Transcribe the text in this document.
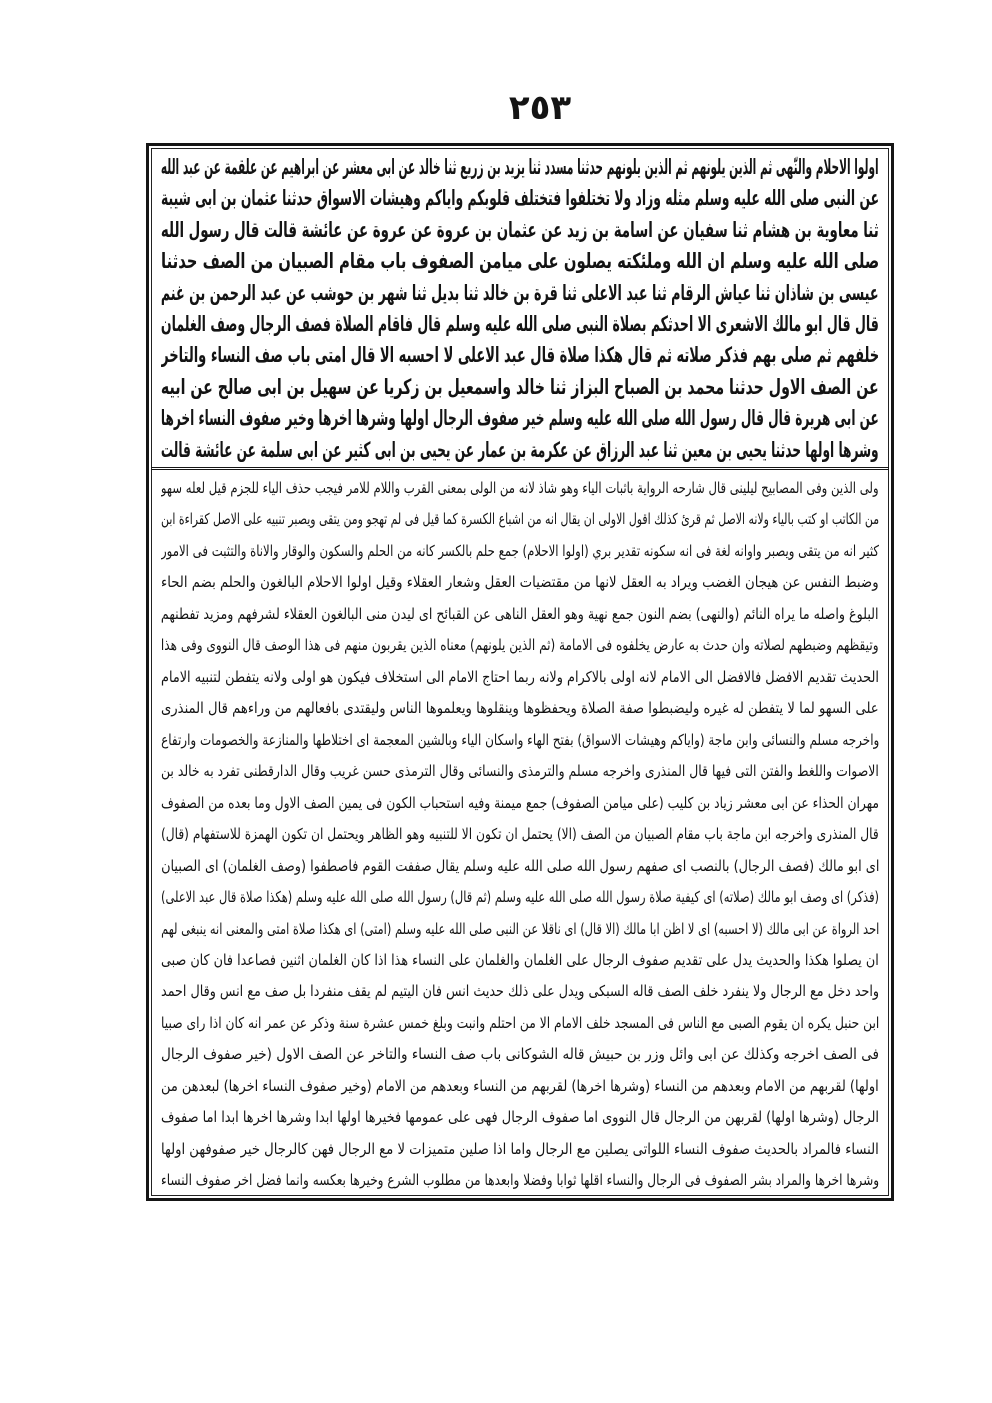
٢٥٣
اولوا الاحلام والنّهى ثم الذين يلونهم ثم الذين يلونهم حدثنا مسدد ثنا يزيد بن زريع ثنا خالد عن ابى معشر عن ابراهيم عن علقمة عن عبد الله
عن النبى صلى الله عليه وسلم مثله وزاد ولا تختلفوا فتختلف قلوبكم واياكم وهيشات الاسواق حدثنا عثمان بن ابى شيبة
ثنا معاوية بن هشام ثنا سفيان عن اسامة بن زيد عن عثمان بن عروة عن عروة عن عائشة قالت قال رسول الله
صلى الله عليه وسلم ان الله وملئكته يصلون على ميامن الصفوف باب مقام الصبيان من الصف حدثنا
عيسى بن شاذان ثنا عياش الرقام ثنا عبد الاعلى ثنا قرة بن خالد ثنا بديل ثنا شهر بن حوشب عن عبد الرحمن بن غنم
قال قال ابو مالك الاشعرى الا احدثكم بصلاة النبى صلى الله عليه وسلم قال فاقام الصلاة فصف الرجال وصف الغلمان
خلفهم ثم صلى بهم فذكر صلاته ثم قال هكذا صلاة قال عبد الاعلى لا احسبه الا قال امتى باب صف النساء والتاخر
عن الصف الاول حدثنا محمد بن الصباح البزاز ثنا خالد واسمعيل بن زكريا عن سهيل بن ابى صالح عن ابيه
عن ابى هريرة قال قال رسول الله صلى الله عليه وسلم خير صفوف الرجال اولها وشرها اخرها وخير صفوف النساء اخرها
وشرها اولها حدثنا يحيى بن معين ثنا عبد الرزاق عن عكرمة بن عمار عن يحيى بن ابى كثير عن ابى سلمة عن عائشة قالت
ولى الذين وفى المصابيح ليلينى قال شارحه الرواية باثبات الياء وهو شاذ لانه من الولى بمعنى القرب واللام للامر فيجب حذف الياء للجزم قيل لعله سهو
من الكاتب او كتب بالياء ولانه الاصل ثم قرئ كذلك اقول الاولى ان يقال انه من اشباع الكسرة كما قيل فى لم تهجو ومن يتقى ويصبر تنبيه على الاصل كقراءة ابن
كثير انه من يتقى ويصبر واوانه لغة فى انه سكونه تقدير بري (اولوا الاحلام) جمع حلم بالكسر كانه من الحلم والسكون والوقار والاناة والتثبت فى الامور
وضبط النفس عن هيجان الغضب ويراد به العقل لانها من مقتضيات العقل وشعار العقلاء وقيل اولوا الاحلام البالغون والحلم بضم الحاء
البلوغ واصله ما يراه النائم (والنهى) بضم النون جمع نهية وهو العقل الناهى عن القبائح اى ليدن منى البالغون العقلاء لشرفهم ومزيد تفطنهم
وتيقظهم وضبطهم لصلاته وان حدث به عارض يخلفوه فى الامامة (ثم الذين يلونهم) معناه الذين يقربون منهم فى هذا الوصف قال النووى وفى هذا
الحديث تقديم الافضل فالافضل الى الامام لانه اولى بالاكرام ولانه ربما احتاج الامام الى استخلاف فيكون هو اولى ولانه يتفطن لتنبيه الامام
على السهو لما لا يتفطن له غيره وليضبطوا صفة الصلاة ويحفظوها وينقلوها ويعلموها الناس وليقتدى بافعالهم من وراءهم قال المنذرى
واخرجه مسلم والنسائى وابن ماجة (واياكم وهيشات الاسواق) بفتح الهاء واسكان الياء وبالشين المعجمة اى اختلاطها والمنازعة والخصومات وارتفاع
الاصوات واللغط والفتن التى فيها قال المنذرى واخرجه مسلم والترمذى والنسائى وقال الترمذى حسن غريب وقال الدارقطنى تفرد به خالد بن
مهران الحذاء عن ابى معشر زياد بن كليب (على ميامن الصفوف) جمع ميمنة وفيه استحباب الكون فى يمين الصف الاول وما بعده من الصفوف
قال المنذرى واخرجه ابن ماجة باب مقام الصبيان من الصف (الا) يحتمل ان تكون الا للتنبيه وهو الظاهر ويحتمل ان تكون الهمزة للاستفهام (قال)
اى ابو مالك (فصف الرجال) بالنصب اى صفهم رسول الله صلى الله عليه وسلم يقال صففت القوم فاصطفوا (وصف الغلمان) اى الصبيان
(فذكر) اى وصف ابو مالك (صلاته) اى كيفية صلاة رسول الله صلى الله عليه وسلم (ثم قال) رسول الله صلى الله عليه وسلم (هكذا صلاة قال عبد الاعلى)
احد الرواة عن ابى مالك (لا احسبه) اى لا اظن ابا مالك (الا قال) اى ناقلا عن النبى صلى الله عليه وسلم (امتى) اى هكذا صلاة امتى والمعنى انه ينبغى لهم
ان يصلوا هكذا والحديث يدل على تقديم صفوف الرجال على الغلمان والغلمان على النساء هذا اذا كان الغلمان اثنين فصاعدا فان كان صبى
واحد دخل مع الرجال ولا ينفرد خلف الصف قاله السبكى ويدل على ذلك حديث انس فان اليتيم لم يقف منفردا بل صف مع انس وقال احمد
ابن حنبل يكره ان يقوم الصبى مع الناس فى المسجد خلف الامام الا من احتلم وانبت وبلغ خمس عشرة سنة وذكر عن عمر انه كان اذا راى صبيا
فى الصف اخرجه وكذلك عن ابى وائل وزر بن حبيش قاله الشوكانى باب صف النساء والتاخر عن الصف الاول (خير صفوف الرجال
اولها) لقربهم من الامام وبعدهم من النساء (وشرها اخرها) لقربهم من النساء وبعدهم من الامام (وخير صفوف النساء اخرها) لبعدهن من
الرجال (وشرها اولها) لقربهن من الرجال قال النووى اما صفوف الرجال فهى على عمومها فخيرها اولها ابدا وشرها اخرها ابدا اما صفوف
النساء فالمراد بالحديث صفوف النساء اللواتى يصلين مع الرجال واما اذا صلين متميزات لا مع الرجال فهن كالرجال خير صفوفهن اولها
وشرها اخرها والمراد بشر الصفوف فى الرجال والنساء اقلها ثوابا وفضلا وابعدها من مطلوب الشرع وخيرها بعكسه وانما فضل اخر صفوف النساء
